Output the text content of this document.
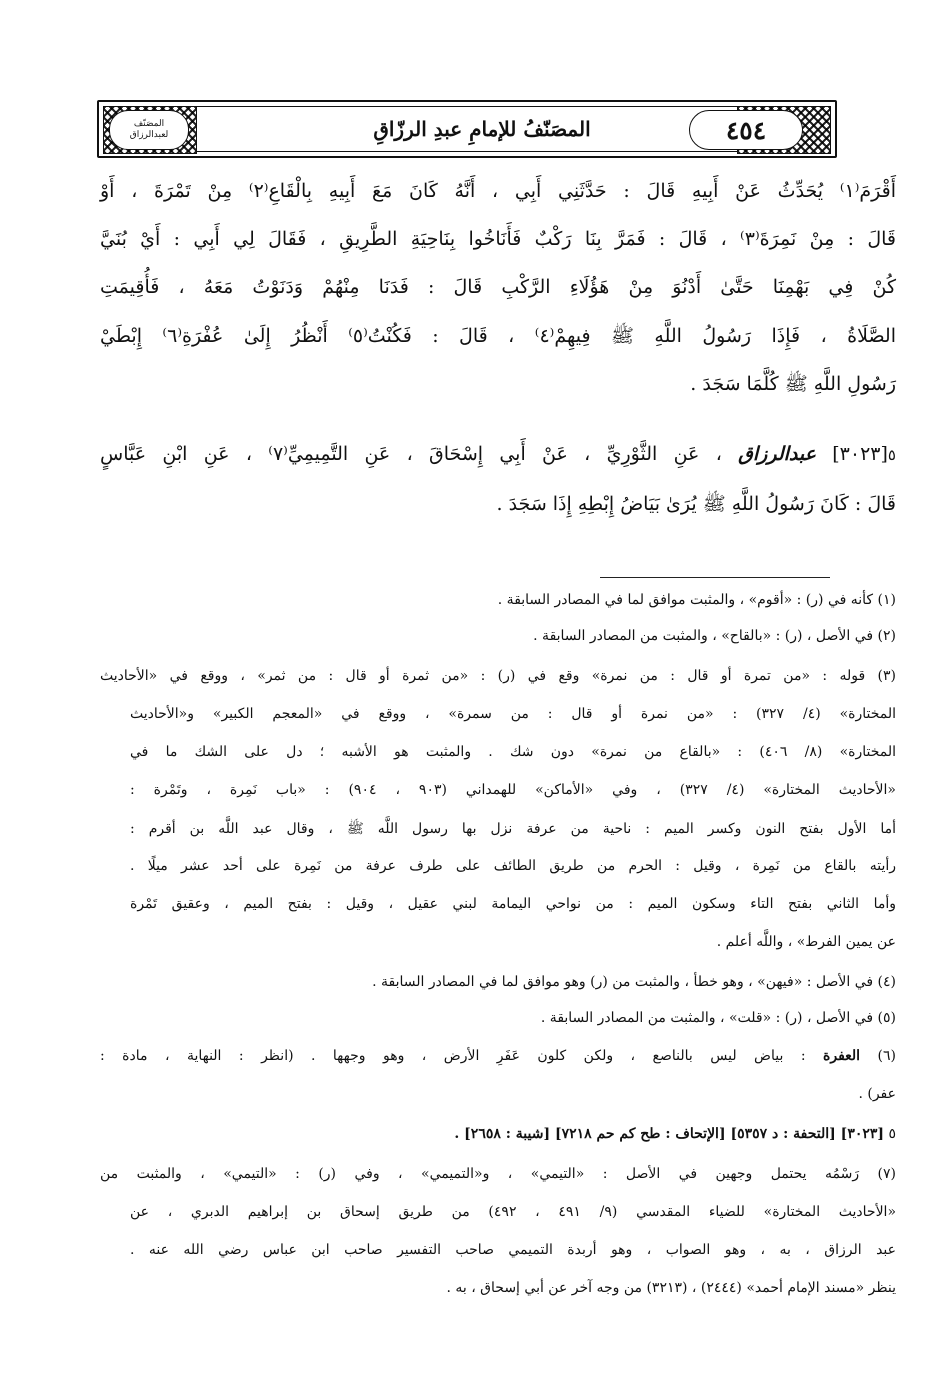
٤٥٤
المصَنّفُ للإمامِ عبدِ الرزّاقِ
المصَنّف
لعبدالرزاق
أَقْرَمَ⁽١⁾ يُحَدِّثُ عَنْ أَبِيهِ قَالَ : حَدَّثَنِي أَبِي ، أَنَّهُ كَانَ مَعَ أَبِيهِ بِالْقَاعِ⁽٢⁾ مِنْ تَمْرَةَ ، أَوْ
قَالَ : مِنْ نَمِرَةَ⁽٣⁾ ، قَالَ : فَمَرَّ بِنَا رَكْبٌ فَأَنَاخُوا بِنَاحِيَةِ الطَّرِيقِ ، فَقَالَ لِي أَبِي : أَيْ بُنَيَّ
كُنْ فِي بَهْمِنَا حَتَّىٰ أَدْنُوَ مِنْ هَؤُلَاءِ الرَّكْبِ قَالَ : فَدَنَا مِنْهُمْ وَدَنَوْتُ مَعَهُ ، فَأُقِيمَتِ
الصَّلَاةُ ، فَإِذَا رَسُولُ اللَّهِ ﷺ فِيهِمْ⁽٤⁾ ، قَالَ : فَكُنْتُ⁽٥⁾ أَنْظُرُ إِلَىٰ عُفْرَةِ⁽٦⁾ إِبْطَيْ
رَسُولِ اللَّهِ ﷺ كُلَّمَا سَجَدَ .
٥[٣٠٢٣] عبدالرزاق ، عَنِ الثَّوْرِيِّ ، عَنْ أَبِي إِسْحَاقَ ، عَنِ التَّمِيمِيِّ⁽٧⁾ ، عَنِ ابْنِ عَبَّاسٍ
قَالَ : كَانَ رَسُولُ اللَّهِ ﷺ يُرَىٰ بَيَاضُ إِبْطِهِ إِذَا سَجَدَ .
(١) كأنه في (ر) : «أقوم» ، والمثبت موافق لما في المصادر السابقة .
(٢) في الأصل ، (ر) : «بالقاح» ، والمثبت من المصادر السابقة .
(٣) قوله : «من تمرة أو قال : من نمرة» وقع في (ر) : «من ثمرة أو قال : من ثمر» ، ووقع في «الأحاديث
المختارة» (٤/ ٣٢٧) : «من نمرة أو قال : من سمرة» ، ووقع في «المعجم الكبير» و«الأحاديث
المختارة» (٨/ ٤٠٦) : «بالقاع من نمرة» دون شك . والمثبت هو الأشبه ؛ دل على الشك ما في
«الأحاديث المختارة» (٤/ ٣٢٧) ، وفي «الأماكن» للهمداني (٩٠٣ ، ٩٠٤) : «باب نَمِرة ، وتَمْرة :
أما الأول بفتح النون وكسر الميم : ناحية من عرفة نزل بها رسول اللَّه ﷺ ، وقال عبد اللَّه بن أقرم :
رأيته بالقاع من نَمِرة ، وقيل : الحرم من طريق الطائف على طرف عرفة من نَمِرة على أحد عشر ميلًا .
وأما الثاني بفتح التاء وسكون الميم : من نواحي اليمامة لبني عقيل ، وقيل : بفتح الميم ، وعقيق تَمْرة
عن يمين الفرط» ، واللَّه أعلم .
(٤) في الأصل : «فيهن» ، وهو خطأ ، والمثبت من (ر) وهو موافق لما في المصادر السابقة .
(٥) في الأصل ، (ر) : «قلت» ، والمثبت من المصادر السابقة .
(٦) العفرة : بياض ليس بالناصع ، ولكن كلون عَفَرِ الأرض ، وهو وجهها . (انظر : النهاية ، مادة :
عفر) .
٥ [٣٠٢٣] [التحفة : د ٥٣٥٧] [الإتحاف : طح كم حم ٧٢١٨] [شيبة : ٢٦٥٨] .
(٧) رَسْمُه يحتمل وجهين في الأصل : «التيمي» ، و«التميمي» ، وفي (ر) : «التيمي» ، والمثبت من
«الأحاديث المختارة» للضياء المقدسي (٩/ ٤٩١ ، ٤٩٢) من طريق إسحاق بن إبراهيم الدبري ، عن
عبد الرزاق ، به ، وهو الصواب ، وهو أربدة التميمي صاحب التفسير صاحب ابن عباس رضي الله عنه .
ينظر «مسند الإمام أحمد» (٢٤٤٤) ، (٣٢١٣) من وجه آخر عن أبي إسحاق ، به .
